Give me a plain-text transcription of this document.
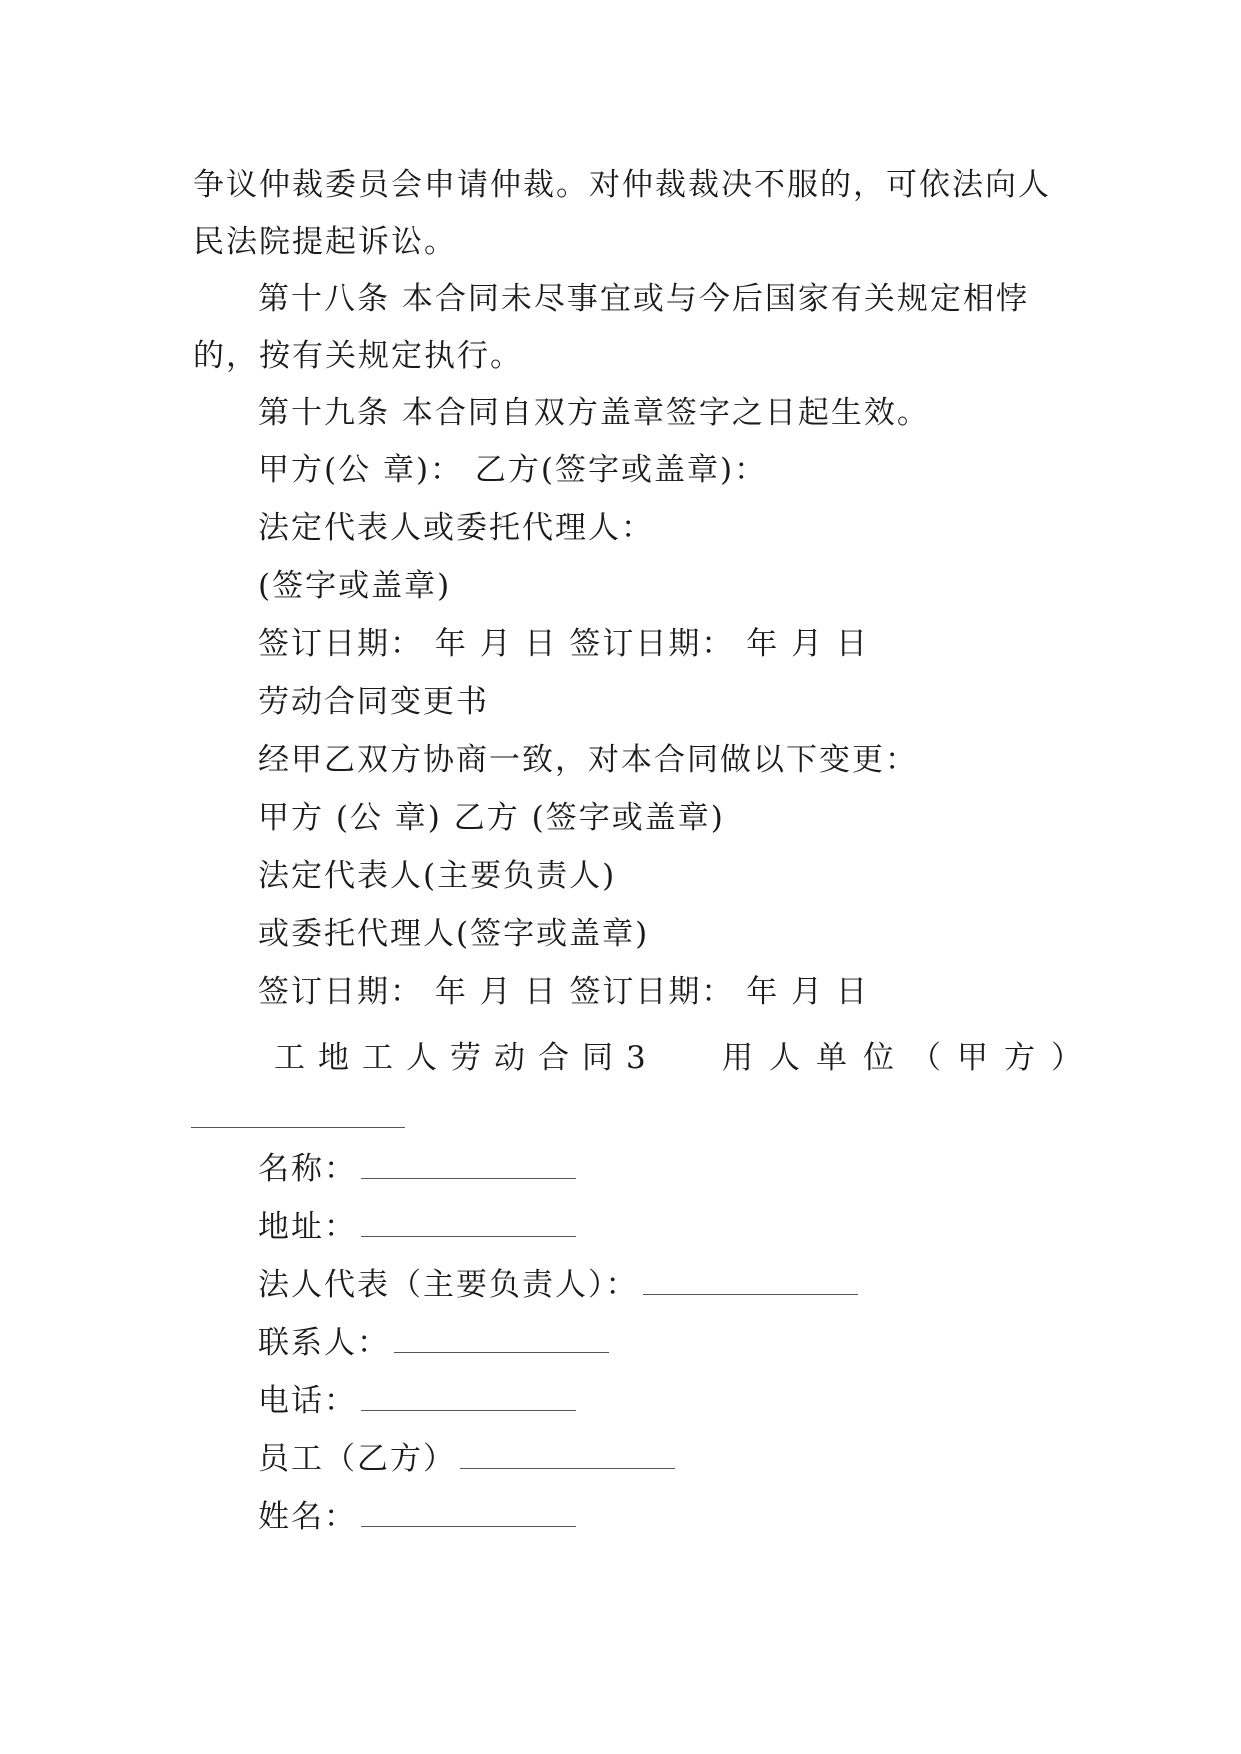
争议仲裁委员会申请仲裁。对仲裁裁决不服的，可依法向人
民法院提起诉讼。
第十八条 本合同未尽事宜或与今后国家有关规定相悖
的，按有关规定执行。
第十九条 本合同自双方盖章签字之日起生效。
甲方(公 章)： 乙方(签字或盖章)：
法定代表人或委托代理人：
(签字或盖章)
签订日期： 年 月 日 签订日期： 年 月 日
劳动合同变更书
经甲乙双方协商一致，对本合同做以下变更：
甲方 (公 章) 乙方 (签字或盖章)
法定代表人(主要负责人)
或委托代理人(签字或盖章)
签订日期： 年 月 日 签订日期： 年 月 日
工地工人劳动合同3 用人单位（甲方）
名称：
地址：
法人代表（主要负责人）：
联系人：
电话：
员工（乙方）
姓名：
